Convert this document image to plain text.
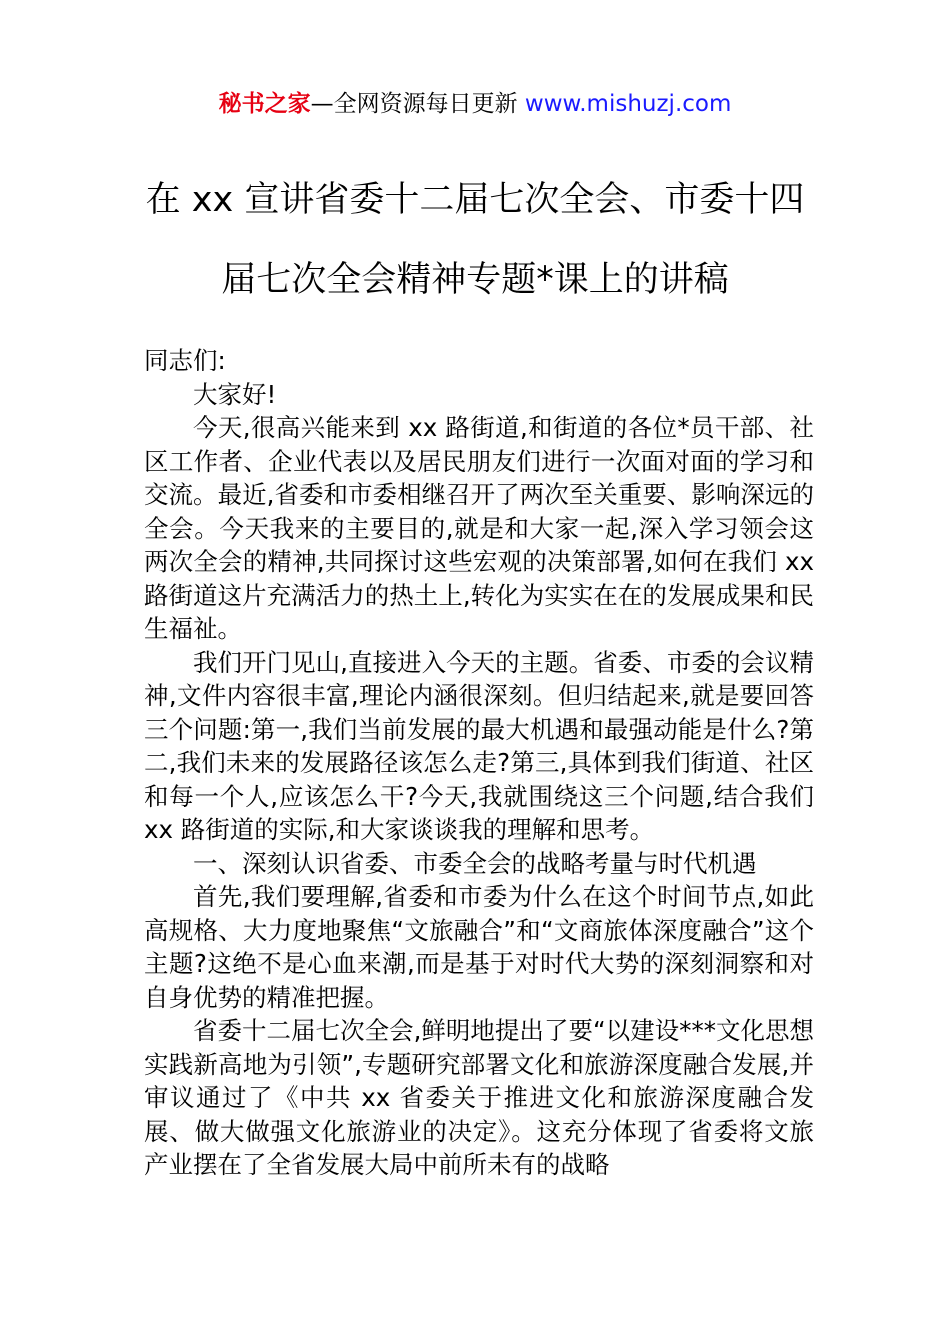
秘书之家—全网资源每日更新 www.mishuzj.com
在 xx 宣讲省委十二届七次全会、市委十四
届七次全会精神专题*课上的讲稿

同志们:

大家好!

今天,很高兴能来到 xx 路街道,和街道的各位*员干部、社区工作者、企业代表以及居民朋友们进行一次面对面的学习和交流。最近,省委和市委相继召开了两次至关重要、影响深远的全会。今天我来的主要目的,就是和大家一起,深入学习领会这两次全会的精神,共同探讨这些宏观的决策部署,如何在我们 xx 路街道这片充满活力的热土上,转化为实实在在的发展成果和民生福祉。

我们开门见山,直接进入今天的主题。省委、市委的会议精神,文件内容很丰富,理论内涵很深刻。但归结起来,就是要回答三个问题:第一,我们当前发展的最大机遇和最强动能是什么?第二,我们未来的发展路径该怎么走?第三,具体到我们街道、社区和每一个人,应该怎么干?今天,我就围绕这三个问题,结合我们 xx 路街道的实际,和大家谈谈我的理解和思考。

一、深刻认识省委、市委全会的战略考量与时代机遇

首先,我们要理解,省委和市委为什么在这个时间节点,如此高规格、大力度地聚焦“文旅融合”和“文商旅体深度融合”这个主题?这绝不是心血来潮,而是基于对时代大势的深刻洞察和对自身优势的精准把握。

省委十二届七次全会,鲜明地提出了要“以建设***文化思想实践新高地为引领”,专题研究部署文化和旅游深度融合发展,并审议通过了《中共 xx 省委关于推进文化和旅游深度融合发展、做大做强文化旅游业的决定》。这充分体现了省委将文旅产业摆在了全省发展大局中前所未有的战略
